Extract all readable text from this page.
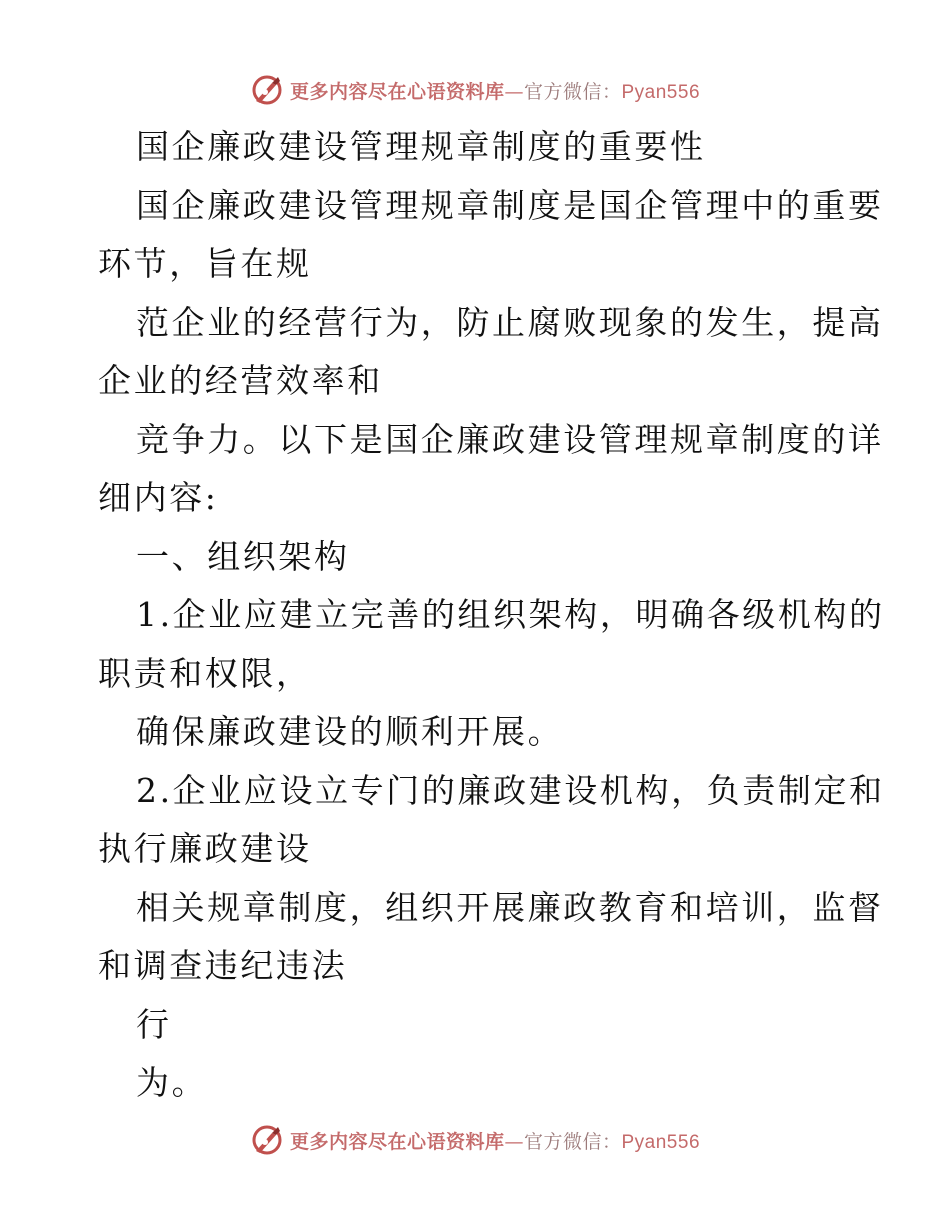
更多内容尽在心语资料库—官方微信：Pyan556
国企廉政建设管理规章制度的重要性
国企廉政建设管理规章制度是国企管理中的重要
环节，旨在规
范企业的经营行为，防止腐败现象的发生，提高
企业的经营效率和
竞争力。以下是国企廉政建设管理规章制度的详
细内容:
一、组织架构
1.企业应建立完善的组织架构，明确各级机构的
职责和权限，
确保廉政建设的顺利开展。
2.企业应设立专门的廉政建设机构，负责制定和
执行廉政建设
相关规章制度，组织开展廉政教育和培训，监督
和调查违纪违法
行
为。
更多内容尽在心语资料库—官方微信：Pyan556
